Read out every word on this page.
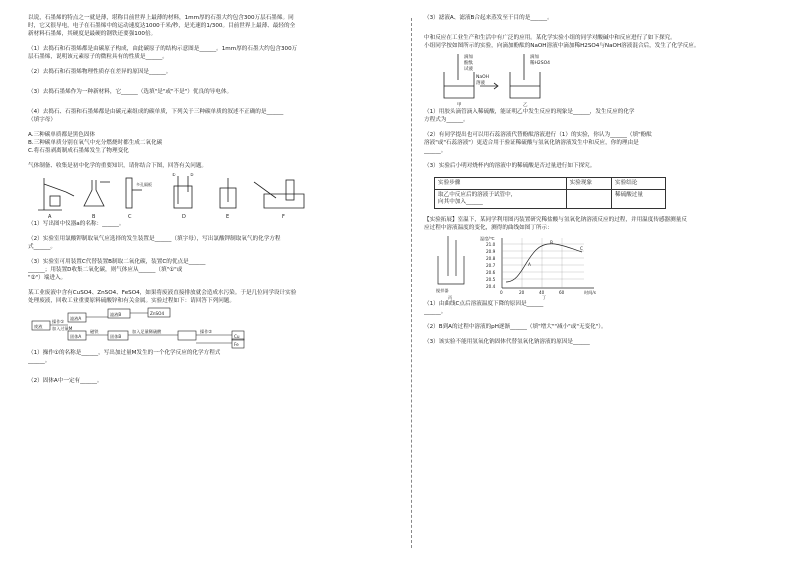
以说，石墨烯的特点之一就是薄，堪称目前世界上最薄的材料，1mm厚的石墨大约包含300万层石墨烯。同
时，它又很导电，电子在石墨烯中的运动速度达1000千米/秒，是光速的1/300。目前世界上最薄、最轻的全
新材料石墨烯，其硬度是最硬的钢铁还要强100倍。
（1）去捣石和石墨烯都是由碳原子构成，由此碳原子的结构示意图是______。1mm厚的石墨大约包含300万
层石墨烯，说明该元素原子的微粒具有的性质是______。
（2）去捣石和石墨烯物理性质存在差异的原因是______。
（3）去捣石墨烯作为一种新材料，它______（选填"是"或"不是"）优良的导电体。
（4）去捣石、石墨和石墨烯都是由碳元素组成的碳单质，下列关于三种碳单质的叙述不正确的是______
（填字母）
A.三种碳单质都是黑色固体
B.三种碳单质分别在氧气中充分燃烧时都生成二氧化碳
C.将石墨剥离制成石墨烯发生了物理变化
气体制备、收集是初中化学的重要知识，请你结合下图，回答有关问题。
A	B	C	D	E	F
多孔隔板
①	②
（1）写出图中仪器a的名称：______。
（2）实验室用氯酸钾制取氧气应选择的发生装置是______（填字母），写出氯酸钾制取氧气的化学方程
式______。
（3）实验室可用装置C代替装置B制取二氧化碳，装置C的优点是______
______；用装置D收集二氧化碳，则气体应从______（填"①"或
"②"）端进入。
某工业废液中含有CuSO4、ZnSO4、FeSO4，如果将废液直接排放就会造成水污染。于是几位同学设计实验
处理废液，回收工业重要原料硫酸锌和有关金属。实验过程如下：请回答下列问题。
废液
操作①
加入过量M
滤液A
固体A
滤液B	ZnSO4
磁铁
固体B
加入足量稀硫酸	操作②
Cu
Fe
（1）操作①的名称是______，写出加过量M发生的一个化学反应的化学方程式
______。
（2）固体A中一定有______。
（3）滤液A、滤液B合起来蒸发至干目的是______。
中和反应在工业生产和生活中有广泛的应用。某化学实验小组的同学对酸碱中和反应进行了如下探究。
小组同学按如图所示的实验，向滴加酚酞的NaOH溶液中滴加稀H2SO4与NaOH溶液混合后，发生了化学反应。
滴加
酚酞
试液
NaOH
溶液
滴加
稀H2SO4
甲	乙
（1）用胶头滴管滴入稀硫酸，能证明乙中发生反应的现象是______，发生反应的化学
方程式为______。
（2）有同学提出也可以用石蕊溶液代替酚酞溶液进行（1）的实验，你认为______（填"酚酞
溶液"或"石蕊溶液"）更适合用于验证稀硫酸与氢氧化钠溶液发生中和反应，你的理由是
______。
（3）实验后小明对烧杯内的溶液中的稀硫酸是否过量进行如下探究。
实验步骤	实验现象	实验结论

取乙中反应后的溶液于试管中，
向其中加入______		稀硫酸过量
【实验拓展】室温下，某同学利用图丙装置研究稀盐酸与氢氧化钠溶液反应的过程，并用温度传感器测量反
应过程中溶液温度的变化，测得的曲线如图丁所示：
温度/℃
21.0
20.9
20.8
20.7
20.6
20.5
20.4
0	20	40	60	时间/s
A
B
C
搅拌器
丙	丁
（1）由曲线C点后溶液温度下降的原因是______
______。
（2）B到A的过程中溶液的pH逐渐______（填"增大""减小"或"无变化"）。
（3）该实验不能用氢氧化钠固体代替氢氧化钠溶液的原因是______
